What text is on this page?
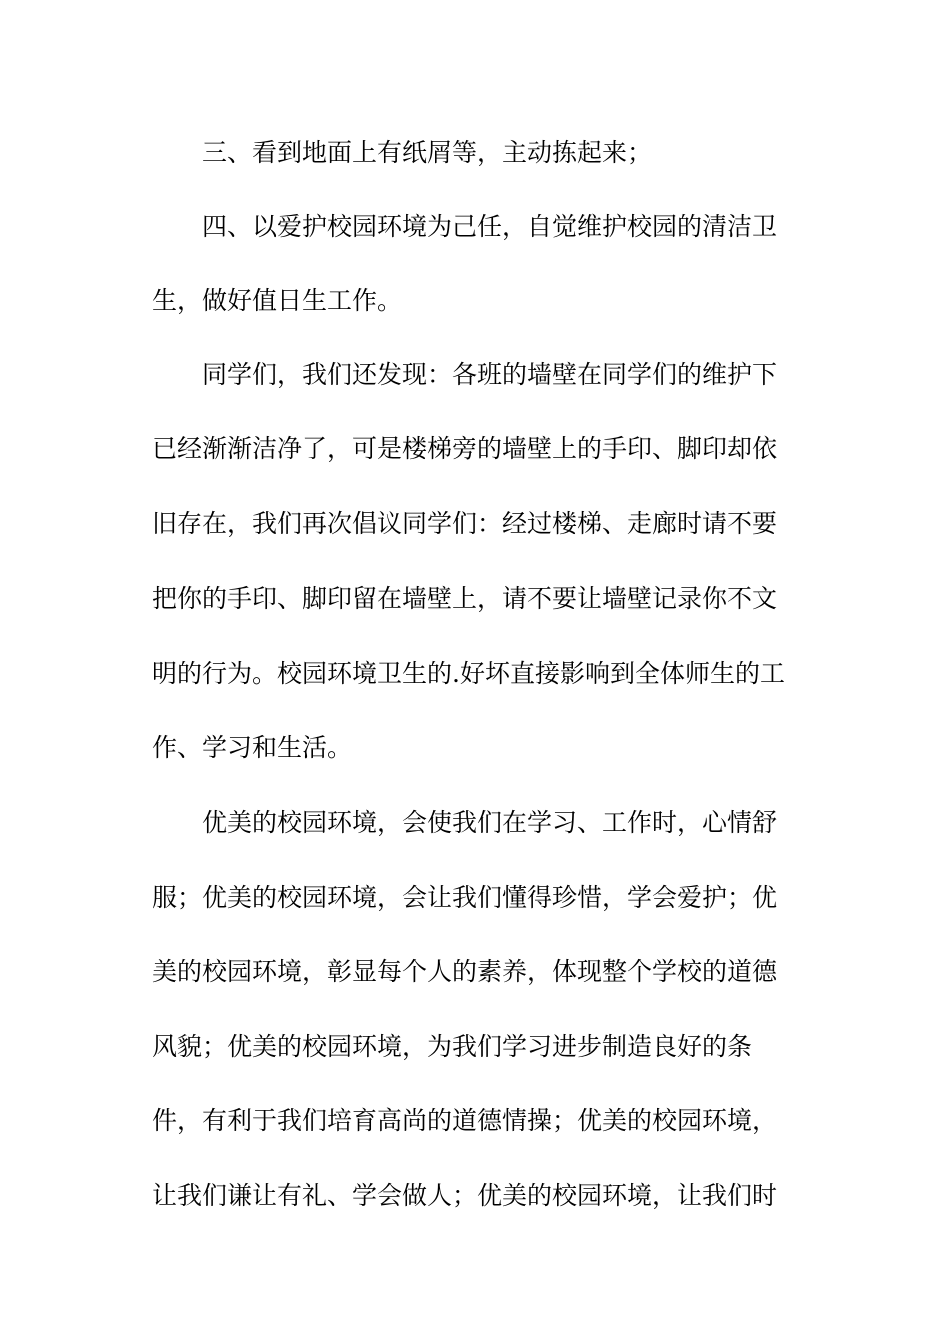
三、看到地面上有纸屑等，主动拣起来；
四、以爱护校园环境为己任，自觉维护校园的清洁卫
生，做好值日生工作。
同学们，我们还发现：各班的墙壁在同学们的维护下
已经渐渐洁净了，可是楼梯旁的墙壁上的手印、脚印却依
旧存在，我们再次倡议同学们：经过楼梯、走廊时请不要
把你的手印、脚印留在墙壁上，请不要让墙壁记录你不文
明的行为。校园环境卫生的.好坏直接影响到全体师生的工
作、学习和生活。
优美的校园环境，会使我们在学习、工作时，心情舒
服；优美的校园环境，会让我们懂得珍惜，学会爱护；优
美的校园环境，彰显每个人的素养，体现整个学校的道德
风貌；优美的校园环境，为我们学习进步制造良好的条
件，有利于我们培育高尚的道德情操；优美的校园环境，
让我们谦让有礼、学会做人；优美的校园环境，让我们时
